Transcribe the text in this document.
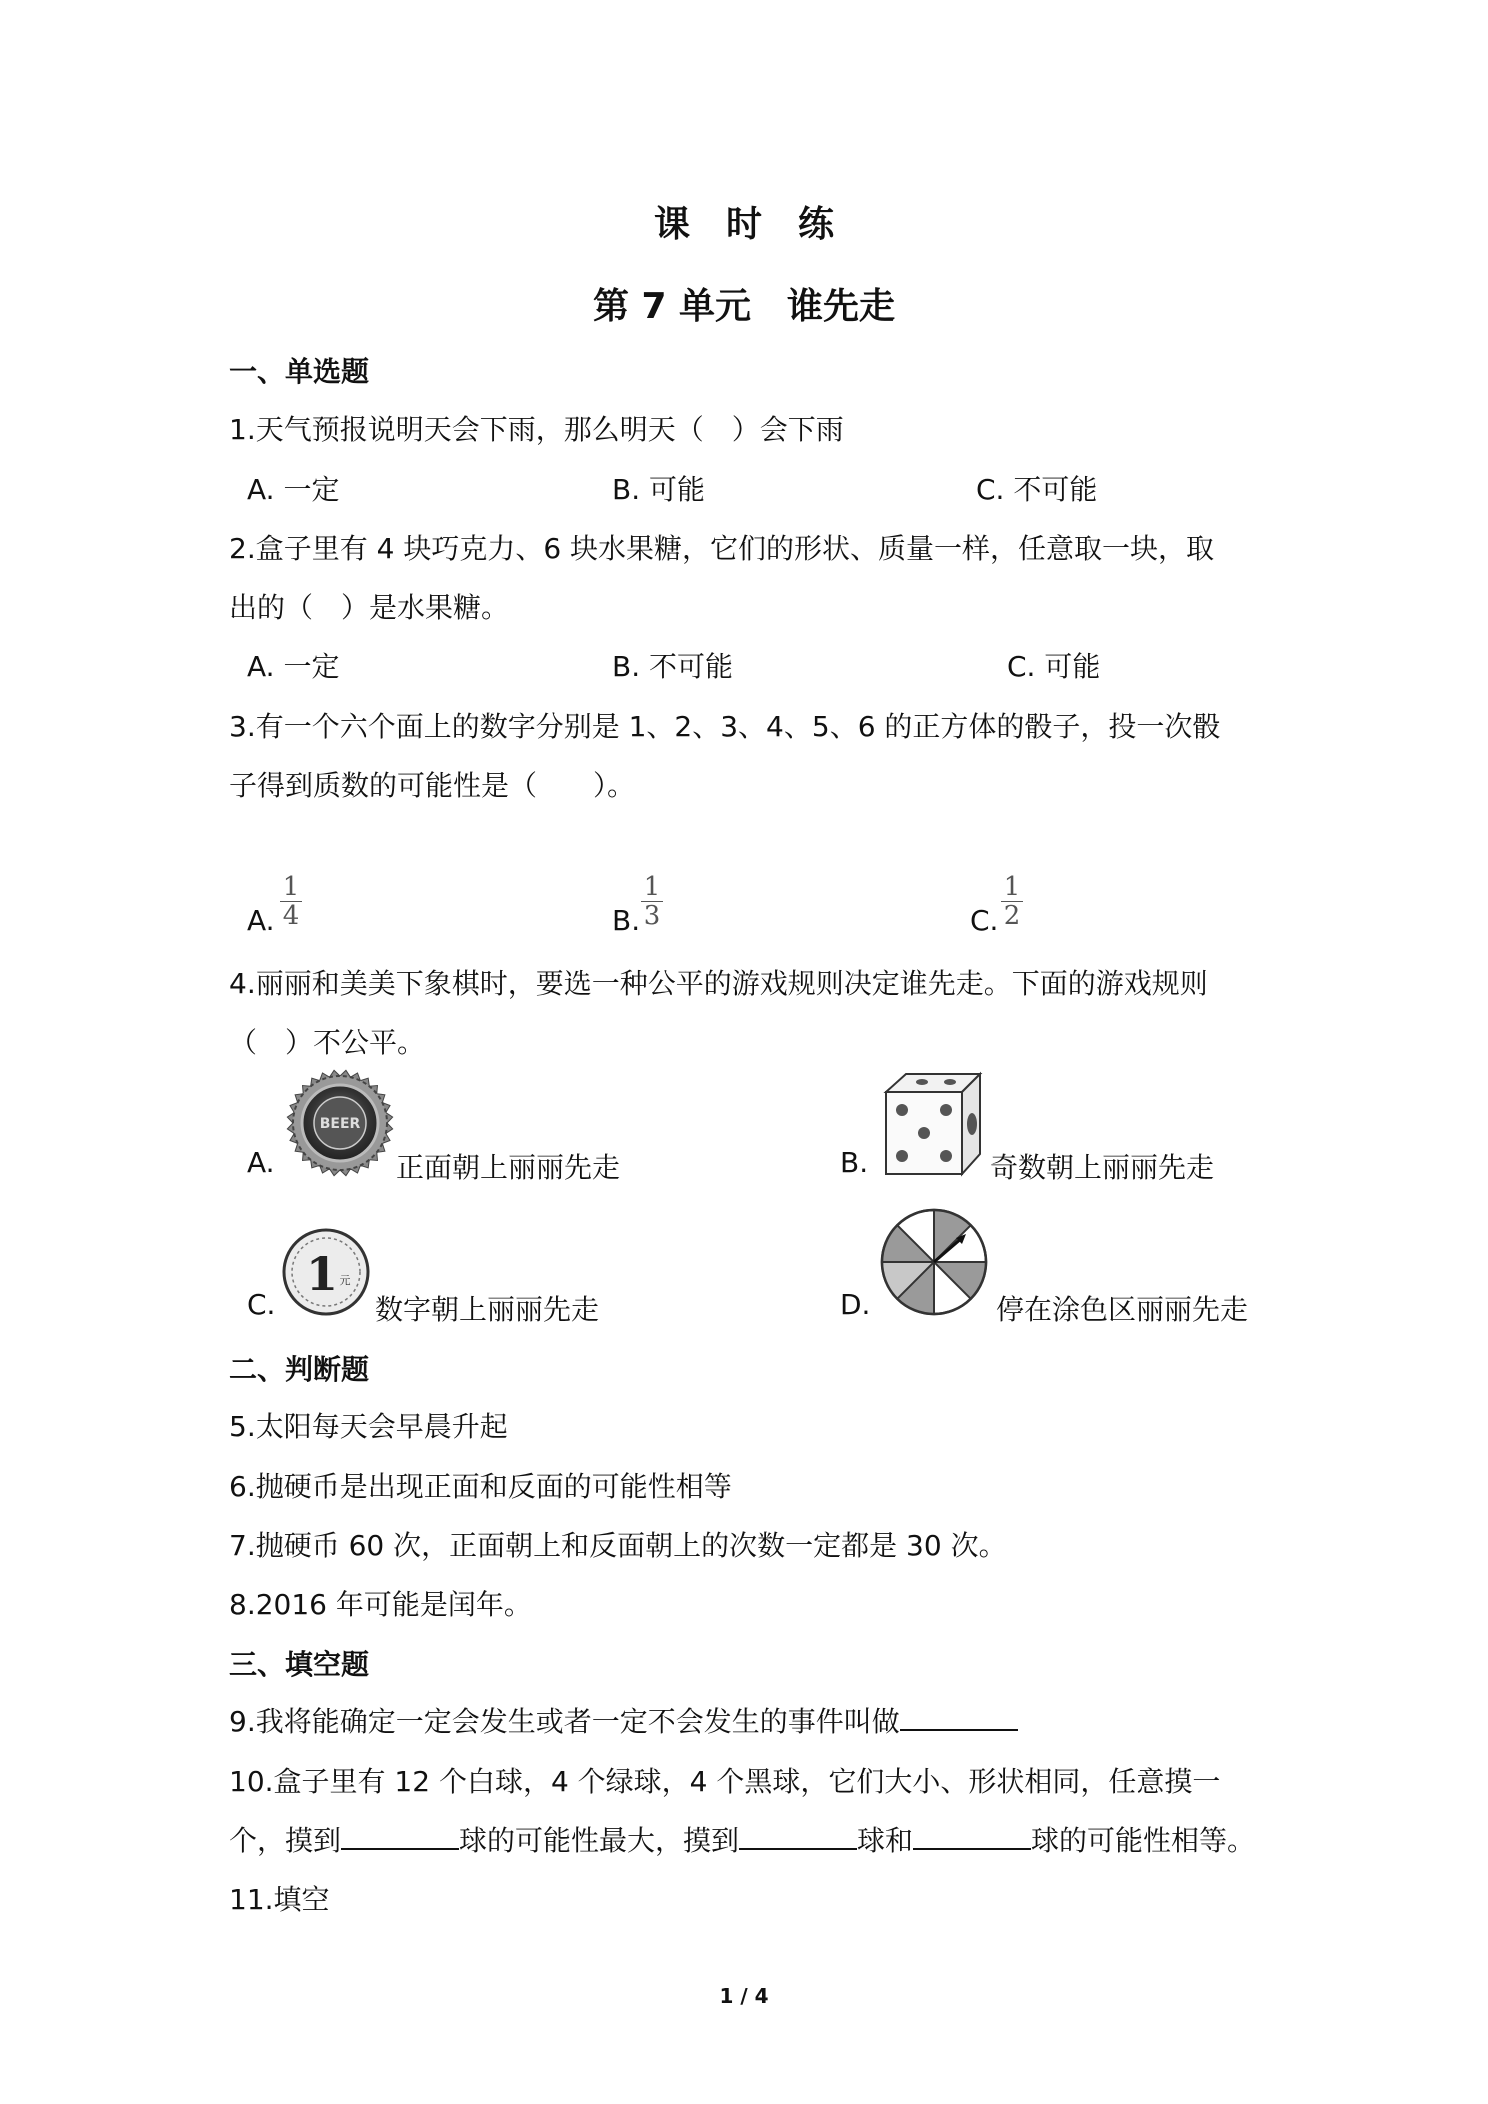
课　时　练
第 7 单元　谁先走
一、单选题
1.天气预报说明天会下雨，那么明天（　）会下雨
A. 一定	B. 可能	C. 不可能
2.盒子里有 4 块巧克力、6 块水果糖，它们的形状、质量一样，任意取一块，取
出的（　）是水果糖。
A. 一定	B. 不可能	C. 可能
3.有一个六个面上的数字分别是 1、2、3、4、5、6 的正方体的骰子，投一次骰
子得到质数的可能性是（　　）。
A.
1
4	B.
1
3	C.
1
2
4.丽丽和美美下象棋时，要选一种公平的游戏规则决定谁先走。下面的游戏规则
（　）不公平。
A.
BEER
正面朝上丽丽先走	B.	奇数朝上丽丽先走
C.
1 元
数字朝上丽丽先走	D.	停在涂色区丽丽先走
二、判断题
5.太阳每天会早晨升起
6.抛硬币是出现正面和反面的可能性相等
7.抛硬币 60 次，正面朝上和反面朝上的次数一定都是 30 次。
8.2016 年可能是闰年。
三、填空题
9.我将能确定一定会发生或者一定不会发生的事件叫做
10.盒子里有 12 个白球，4 个绿球，4 个黑球，它们大小、形状相同，任意摸一
个，摸到	球的可能性最大，摸到	球和	球的可能性相等。
11.填空
1 / 4
